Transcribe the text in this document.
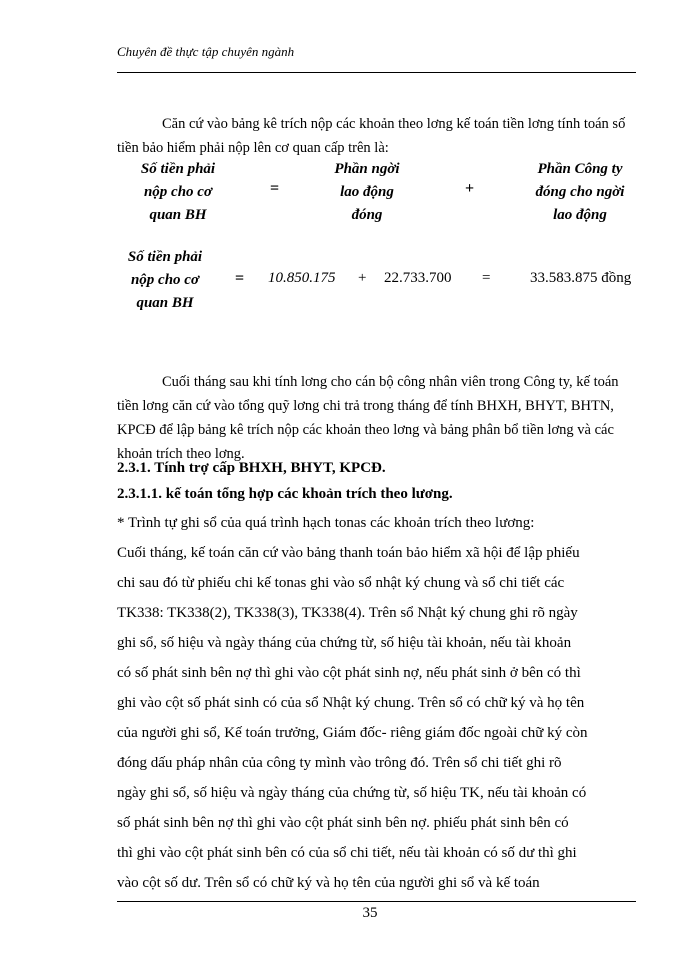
Chuyên đề thực tập chuyên ngành
Căn cứ vào bảng kê trích nộp các khoản theo lơng kế toán tiền lơng tính toán số tiền bảo hiểm phải nộp lên cơ quan cấp trên là:
Số tiền phải
nộp cho cơ
quan BH
=
Phần ngời
lao động
đóng
+
Phần Công ty
đóng cho ngời
lao động
Số tiền phải
nộp cho cơ
quan BH
= 10.850.175 + 22.733.700 =	33.583.875 đồng
Cuối tháng sau khi tính lơng cho cán bộ công nhân viên trong Công ty, kế toán tiền lơng căn cứ vào tổng quỹ lơng chi trả trong tháng để tính BHXH, BHYT, BHTN, KPCĐ để lập bảng kê trích nộp các khoản theo lơng và bảng phân bổ tiền lơng và các khoản trích theo lơng.
2.3.1. Tính trợ cấp BHXH, BHYT, KPCĐ.
2.3.1.1. kế toán tổng hợp các khoản trích theo lương.
* Trình tự ghi sổ của quá trình hạch tonas các khoản trích theo lương:
Cuối tháng, kế toán căn cứ vào bảng thanh toán bảo hiểm xã hội để lập phiếu
chi sau đó từ phiếu chi kế tonas ghi vào sổ nhật ký chung và sổ chi tiết các
TK338: TK338(2), TK338(3), TK338(4). Trên sổ Nhật ký chung ghi rõ ngày
ghi sổ, số hiệu và ngày tháng của chứng từ, số hiệu tài khoản, nếu tài khoản
có số phát sinh bên nợ thì ghi vào cột phát sinh nợ, nếu phát sinh ở bên có thì
ghi vào cột số phát sinh có của sổ Nhật ký chung. Trên sổ có chữ ký và họ tên
của người ghi sổ, Kế toán trưởng, Giám đốc- riêng giám đốc ngoài chữ ký còn
đóng dấu pháp nhân của công ty mình vào trông đó. Trên sổ chi tiết ghi rõ
ngày ghi sổ, số hiệu và ngày tháng của chứng từ, số hiệu TK, nếu tài khoản có
số phát sinh bên nợ thì ghi vào cột phát sinh bên nợ. phiếu phát sinh bên có
thì ghi vào cột phát sinh bên có của sổ chi tiết, nếu tài khoản có số dư thì ghi
vào cột số dư. Trên sổ có chữ ký và họ tên của người ghi sổ và kế toán
35
